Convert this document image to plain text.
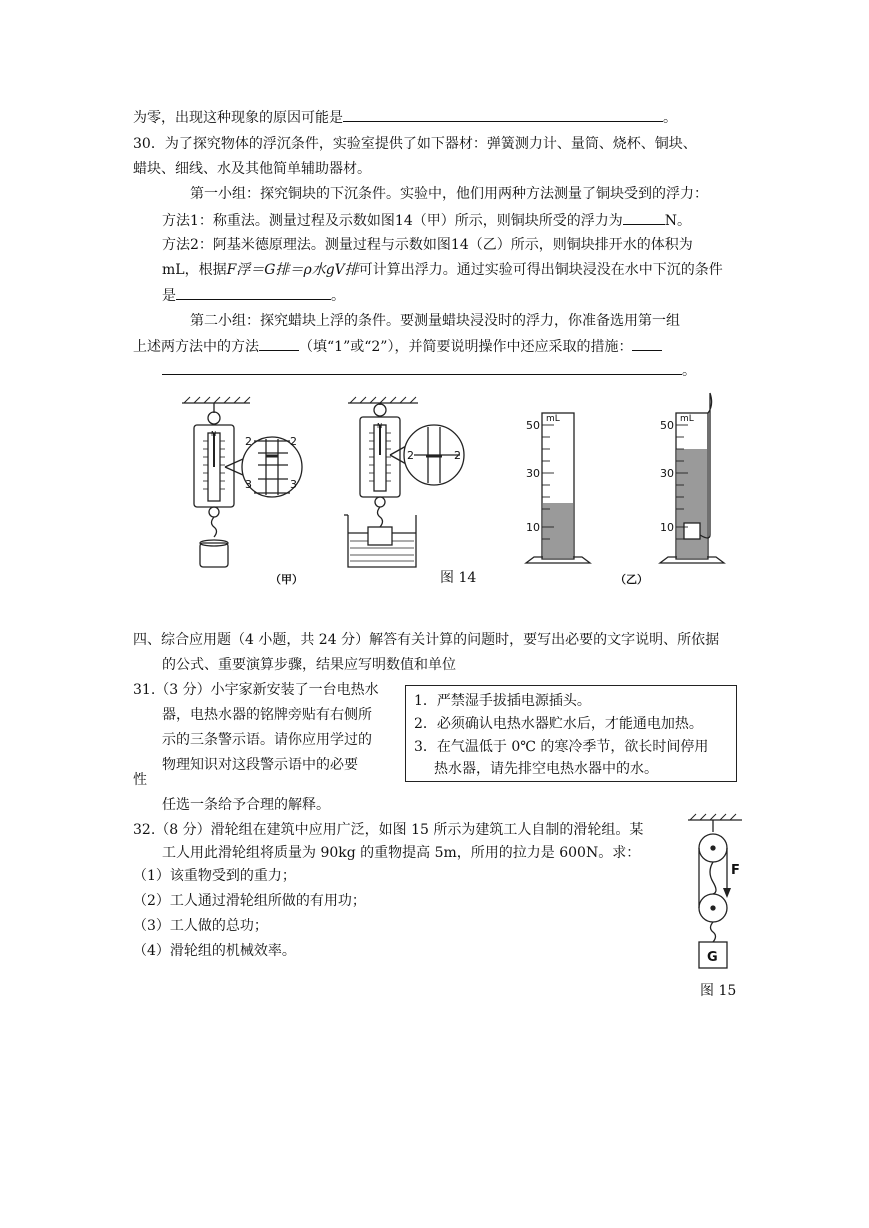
为零，出现这种现象的原因可能是	。
30．为了探究物体的浮沉条件，实验室提供了如下器材：弹簧测力计、量筒、烧杯、铜块、
蜡块、细线、水及其他简单辅助器材。
第一小组：探究铜块的下沉条件。实验中，他们用两种方法测量了铜块受到的浮力：
方法1：称重法。测量过程及示数如图14（甲）所示，则铜块所受的浮力为	N。
方法2：阿基米德原理法。测量过程与示数如图14（乙）所示，则铜块排开水的体积为
mL，根据F浮＝G排＝ρ水gV排可计算出浮力。通过实验可得出铜块浸没在水中下沉的条件
是	。
第二小组：探究蜡块上浮的条件。要测量蜡块浸没时的浮力，你准备选用第一组
上述两方法中的方法	（填“1”或“2”），并简要说明操作中还应采取的措施：
。
N
2	2
3	3
N
2	2
mL
50
30
10
mL
50
30
10
（甲）	图 14	（乙）
四、综合应用题（4 小题，共 24 分）解答有关计算的问题时，要写出必要的文字说明、所依据
的公式、重要演算步骤，结果应写明数值和单位
31.（3 分）小宇家新安装了一台电热水
器，电热水器的铭牌旁贴有右侧所
示的三条警示语。请你应用学过的
物理知识对这段警示语中的必要
性
任选一条给予合理的解释。
1．严禁湿手拔插电源插头。
2．必须确认电热水器贮水后，才能通电加热。
3．在气温低于 0℃ 的寒冷季节，欲长时间停用
热水器，请先排空电热水器中的水。
32.（8 分）滑轮组在建筑中应用广泛，如图 15 所示为建筑工人自制的滑轮组。某
工人用此滑轮组将质量为 90kg 的重物提高 5m，所用的拉力是 600N。求：
（1）该重物受到的重力；
（2）工人通过滑轮组所做的有用功；
（3）工人做的总功；
（4）滑轮组的机械效率。
F
G
图 15
